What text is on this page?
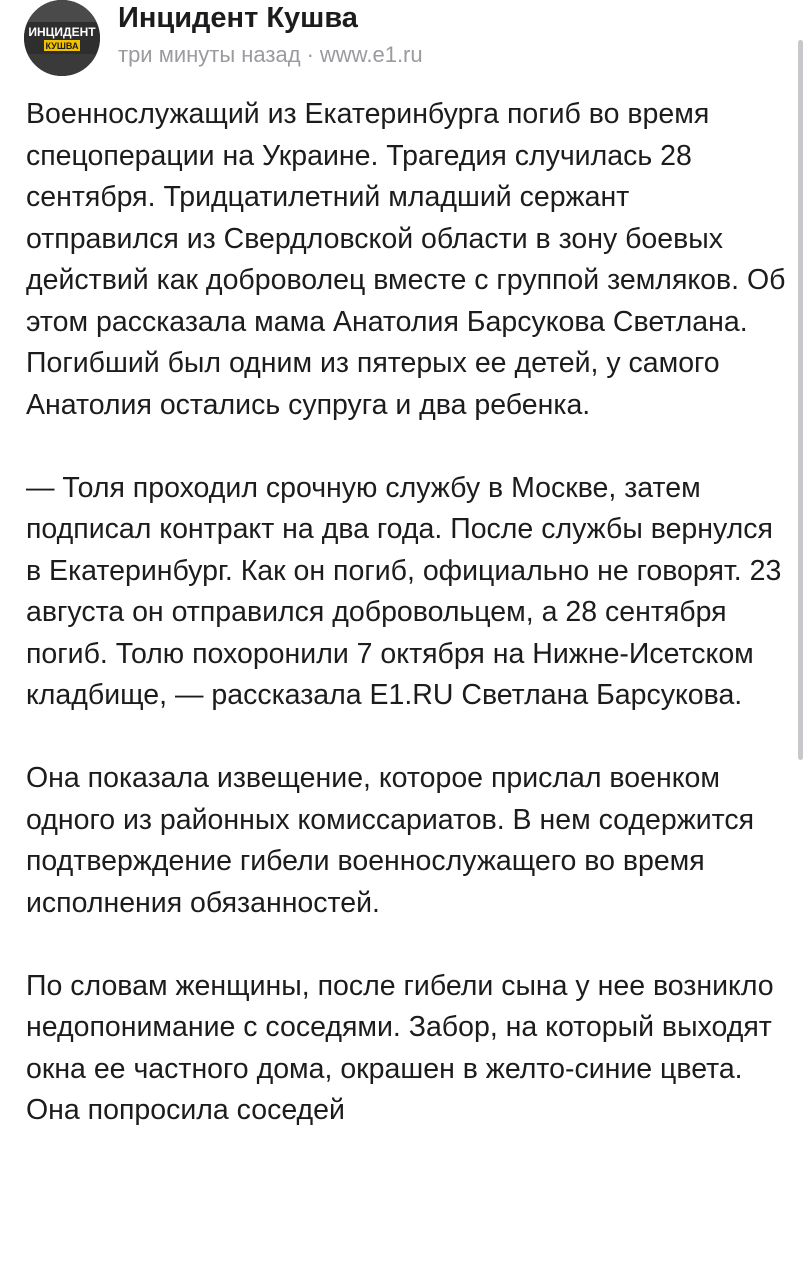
ИНЦИДЕНТ
КУШВА
Инцидент Кушва
три минуты назад · www.e1.ru

Военнослужащий из Екатеринбурга погиб во время спецоперации на Украине. Трагедия случилась 28 сентября. Тридцатилетний младший сержант отправился из Свердловской области в зону боевых действий как доброволец вместе с группой земляков. Об этом рассказала мама Анатолия Барсукова Светлана. Погибший был одним из пятерых ее детей, у самого Анатолия остались супруга и два ребенка.

— Толя проходил срочную службу в Москве, затем подписал контракт на два года. После службы вернулся в Екатеринбург. Как он погиб, официально не говорят. 23 августа он отправился добровольцем, а 28 сентября погиб. Толю похоронили 7 октября на Нижне-Исетском кладбище, — рассказала E1.RU Светлана Барсукова.

Она показала извещение, которое прислал военком одного из районных комиссариатов. В нем содержится подтверждение гибели военнослужащего во время исполнения обязанностей.

По словам женщины, после гибели сына у нее возникло недопонимание с соседями. Забор, на который выходят окна ее частного дома, окрашен в желто-синие цвета. Она попросила соседей
